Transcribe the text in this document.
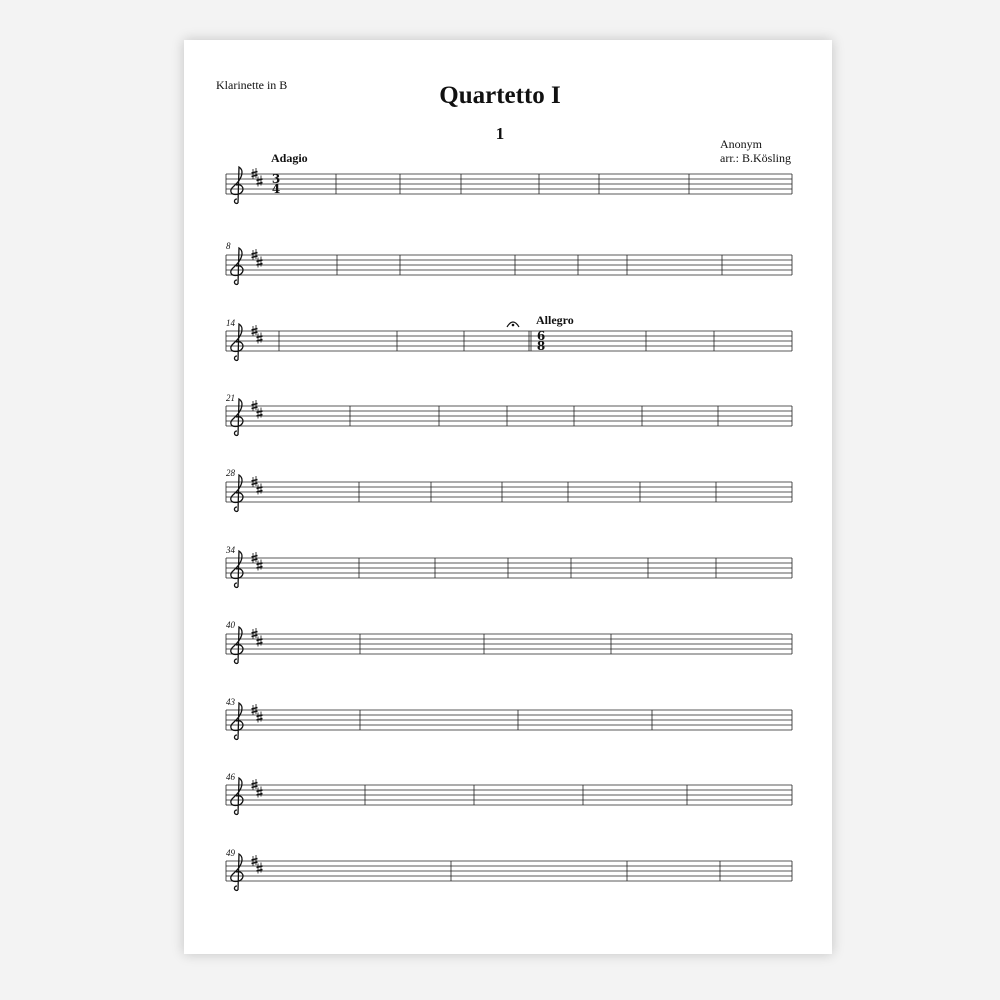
Klarinette in B	Quartetto I
1
Anonym
arr.: B.Kösling
Adagio
Allegro
8
14
21
28
34
40
43
46
49
3
4
6
8
